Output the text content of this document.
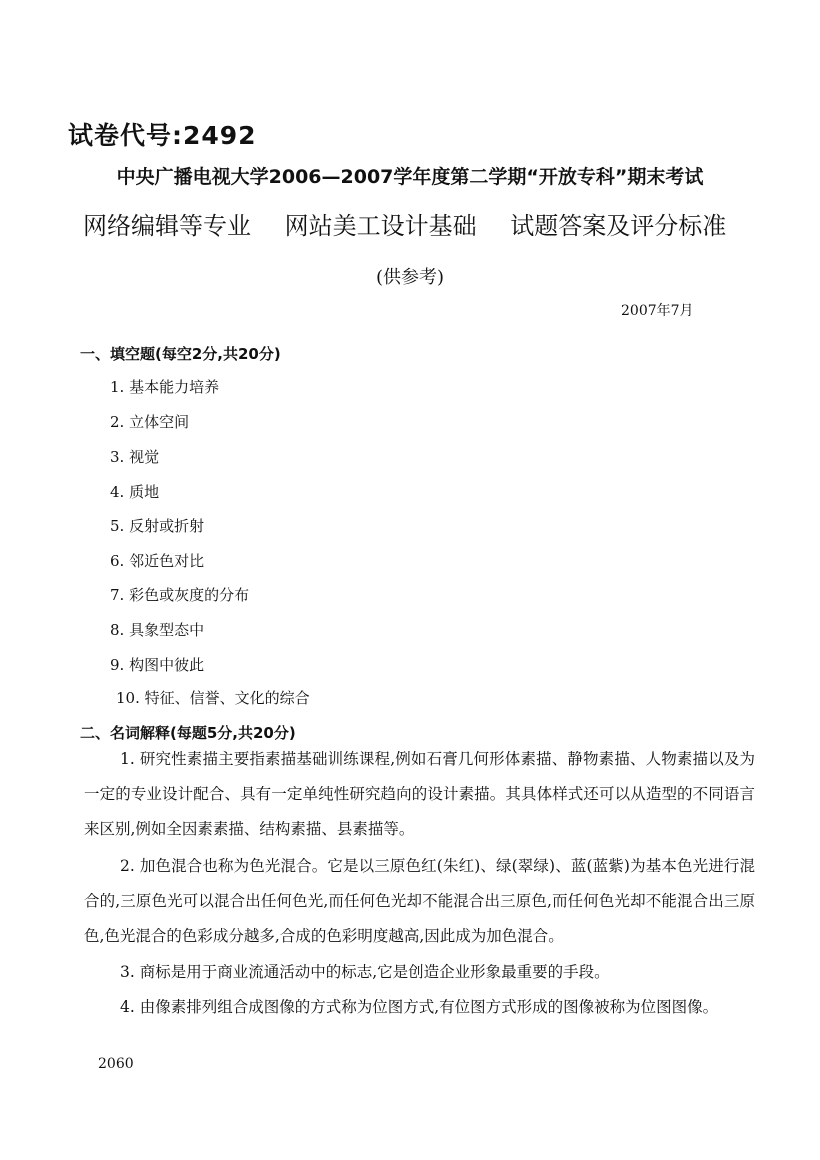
试卷代号:2492
中央广播电视大学2006—2007学年度第二学期“开放专科”期末考试
网络编辑等专业 网站美工设计基础 试题答案及评分标准
(供参考)
2007年7月
一、填空题(每空2分,共20分)
1. 基本能力培养
2. 立体空间
3. 视觉
4. 质地
5. 反射或折射
6. 邻近色对比
7. 彩色或灰度的分布
8. 具象型态中
9. 构图中彼此
10. 特征、信誉、文化的综合
二、名词解释(每题5分,共20分)
1. 研究性素描主要指素描基础训练课程,例如石膏几何形体素描、静物素描、人物素描以及为一定的专业设计配合、具有一定单纯性研究趋向的设计素描。其具体样式还可以从造型的不同语言来区别,例如全因素素描、结构素描、县素描等。
2. 加色混合也称为色光混合。它是以三原色红(朱红)、绿(翠绿)、蓝(蓝紫)为基本色光进行混合的,三原色光可以混合出任何色光,而任何色光却不能混合出三原色,而任何色光却不能混合出三原色,色光混合的色彩成分越多,合成的色彩明度越高,因此成为加色混合。
3. 商标是用于商业流通活动中的标志,它是创造企业形象最重要的手段。
4. 由像素排列组合成图像的方式称为位图方式,有位图方式形成的图像被称为位图图像。
2060
